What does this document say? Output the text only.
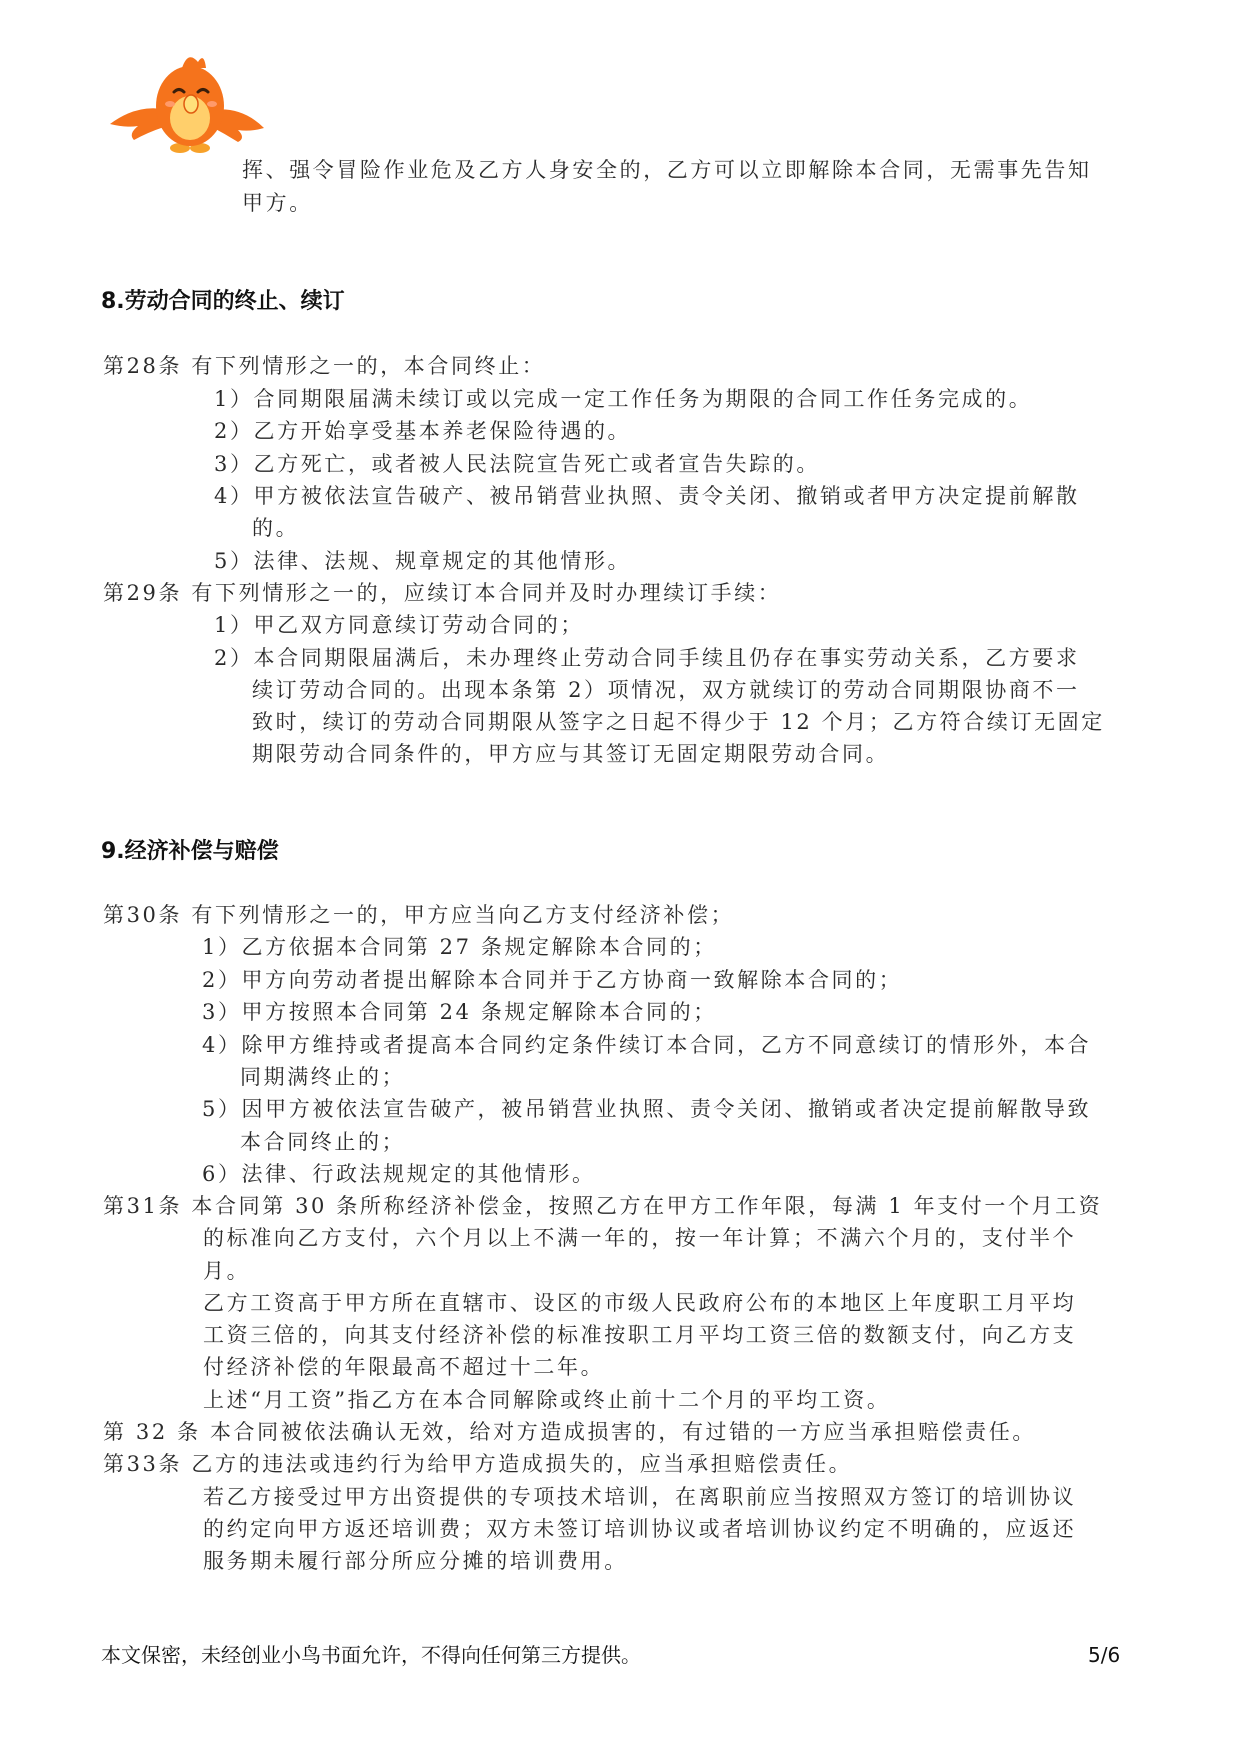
挥、强令冒险作业危及乙方人身安全的，乙方可以立即解除本合同，无需事先告知
甲方。
8.劳动合同的终止、续订
第28条 有下列情形之一的，本合同终止：
1）合同期限届满未续订或以完成一定工作任务为期限的合同工作任务完成的。
2）乙方开始享受基本养老保险待遇的。
3）乙方死亡，或者被人民法院宣告死亡或者宣告失踪的。
4）甲方被依法宣告破产、被吊销营业执照、责令关闭、撤销或者甲方决定提前解散
的。
5）法律、法规、规章规定的其他情形。
第29条 有下列情形之一的，应续订本合同并及时办理续订手续：
1）甲乙双方同意续订劳动合同的；
2）本合同期限届满后，未办理终止劳动合同手续且仍存在事实劳动关系，乙方要求
续订劳动合同的。出现本条第 2）项情况，双方就续订的劳动合同期限协商不一
致时，续订的劳动合同期限从签字之日起不得少于 12 个月；乙方符合续订无固定
期限劳动合同条件的，甲方应与其签订无固定期限劳动合同。
9.经济补偿与赔偿
第30条 有下列情形之一的，甲方应当向乙方支付经济补偿；
1）乙方依据本合同第 27 条规定解除本合同的；
2）甲方向劳动者提出解除本合同并于乙方协商一致解除本合同的；
3）甲方按照本合同第 24 条规定解除本合同的；
4）除甲方维持或者提高本合同约定条件续订本合同，乙方不同意续订的情形外，本合
同期满终止的；
5）因甲方被依法宣告破产，被吊销营业执照、责令关闭、撤销或者决定提前解散导致
本合同终止的；
6）法律、行政法规规定的其他情形。
第31条 本合同第 30 条所称经济补偿金，按照乙方在甲方工作年限，每满 1 年支付一个月工资
的标准向乙方支付，六个月以上不满一年的，按一年计算；不满六个月的，支付半个
月。
乙方工资高于甲方所在直辖市、设区的市级人民政府公布的本地区上年度职工月平均
工资三倍的，向其支付经济补偿的标准按职工月平均工资三倍的数额支付，向乙方支
付经济补偿的年限最高不超过十二年。
上述“月工资”指乙方在本合同解除或终止前十二个月的平均工资。
第 32 条 本合同被依法确认无效，给对方造成损害的，有过错的一方应当承担赔偿责任。
第33条 乙方的违法或违约行为给甲方造成损失的，应当承担赔偿责任。
若乙方接受过甲方出资提供的专项技术培训，在离职前应当按照双方签订的培训协议
的约定向甲方返还培训费；双方未签订培训协议或者培训协议约定不明确的，应返还
服务期未履行部分所应分摊的培训费用。
本文保密，未经创业小鸟书面允许，不得向任何第三方提供。	5/6
